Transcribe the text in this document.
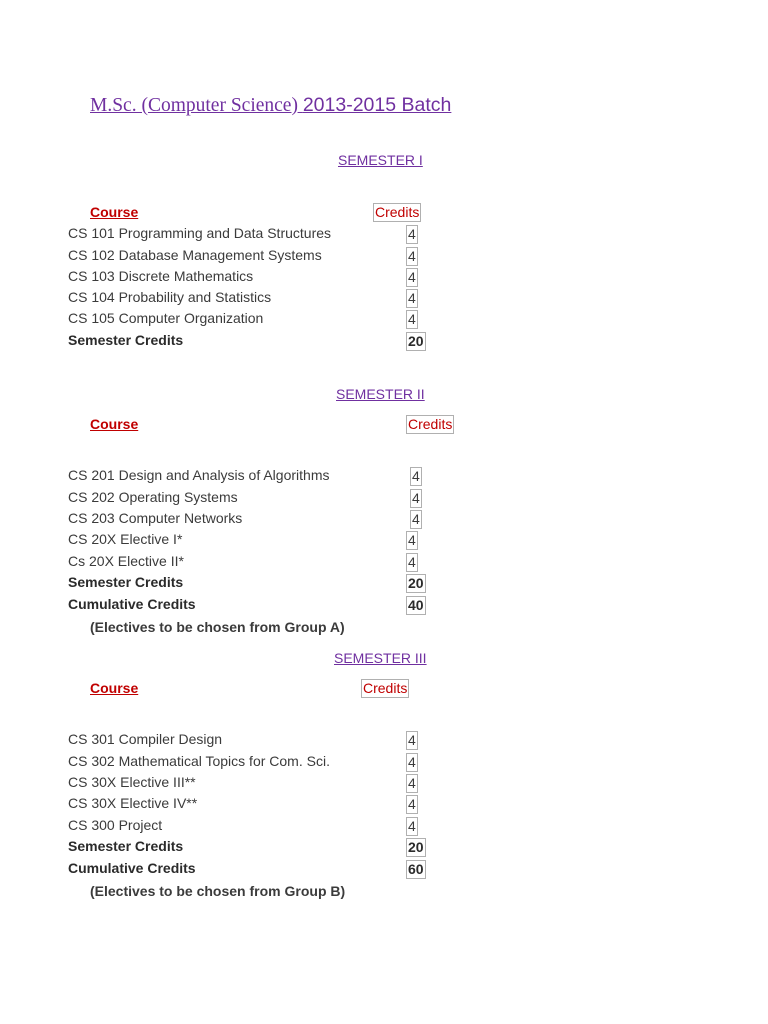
M.Sc. (Computer Science) 2013-2015 Batch
SEMESTER I
Course	Credits
CS 101 Programming and Data Structures	4
CS 102 Database Management Systems	4
CS 103 Discrete Mathematics	4
CS 104 Probability and Statistics	4
CS 105 Computer Organization	4
Semester Credits	20
SEMESTER II
Course	Credits
CS 201 Design and Analysis of Algorithms	4
CS 202 Operating Systems	4
CS 203 Computer Networks	4
CS 20X Elective I*	4
Cs 20X Elective II*	4
Semester Credits	20
Cumulative Credits	40
(Electives to be chosen from Group A)
SEMESTER III
Course	Credits
CS 301 Compiler Design	4
CS 302 Mathematical Topics for Com. Sci.	4
CS 30X Elective III**	4
CS 30X Elective IV**	4
CS 300 Project	4
Semester Credits	20
Cumulative Credits	60
(Electives to be chosen from Group B)
